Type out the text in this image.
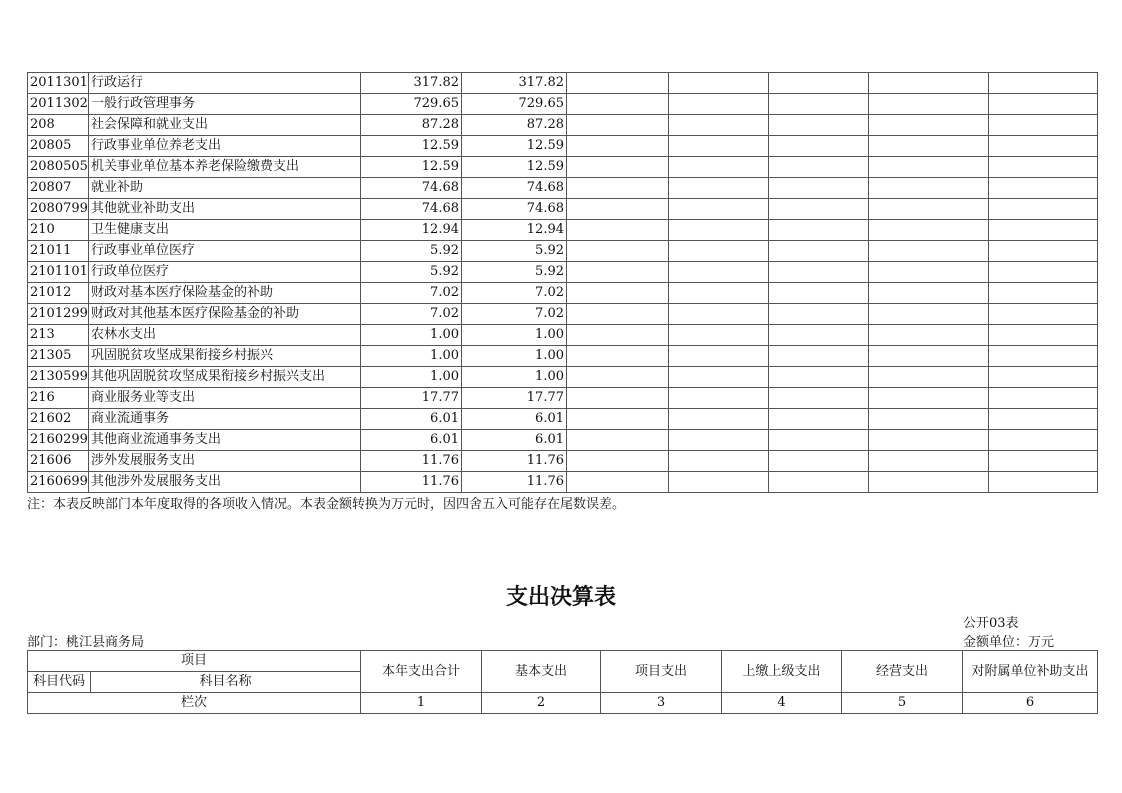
2011301	行政运行	317.82	317.82					
2011302	一般行政管理事务	729.65	729.65					
208	社会保障和就业支出	87.28	87.28					
20805	行政事业单位养老支出	12.59	12.59					
2080505	机关事业单位基本养老保险缴费支出	12.59	12.59					
20807	就业补助	74.68	74.68					
2080799	其他就业补助支出	74.68	74.68					
210	卫生健康支出	12.94	12.94					
21011	行政事业单位医疗	5.92	5.92					
2101101	行政单位医疗	5.92	5.92					
21012	财政对基本医疗保险基金的补助	7.02	7.02					
2101299	财政对其他基本医疗保险基金的补助	7.02	7.02					
213	农林水支出	1.00	1.00					
21305	巩固脱贫攻坚成果衔接乡村振兴	1.00	1.00					
2130599	其他巩固脱贫攻坚成果衔接乡村振兴支出	1.00	1.00					
216	商业服务业等支出	17.77	17.77					
21602	商业流通事务	6.01	6.01					
2160299	其他商业流通事务支出	6.01	6.01					
21606	涉外发展服务支出	11.76	11.76					
2160699	其他涉外发展服务支出	11.76	11.76					
注：本表反映部门本年度取得的各项收入情况。本表金额转换为万元时，因四舍五入可能存在尾数误差。
支出决算表
公开03表
部门：桃江县商务局	金额单位：万元
项目		本年支出合计	基本支出	项目支出	上缴上级支出	经营支出	对附属单位补助支出
科目代码	科目名称						
栏次		1	2	3	4	5	6
